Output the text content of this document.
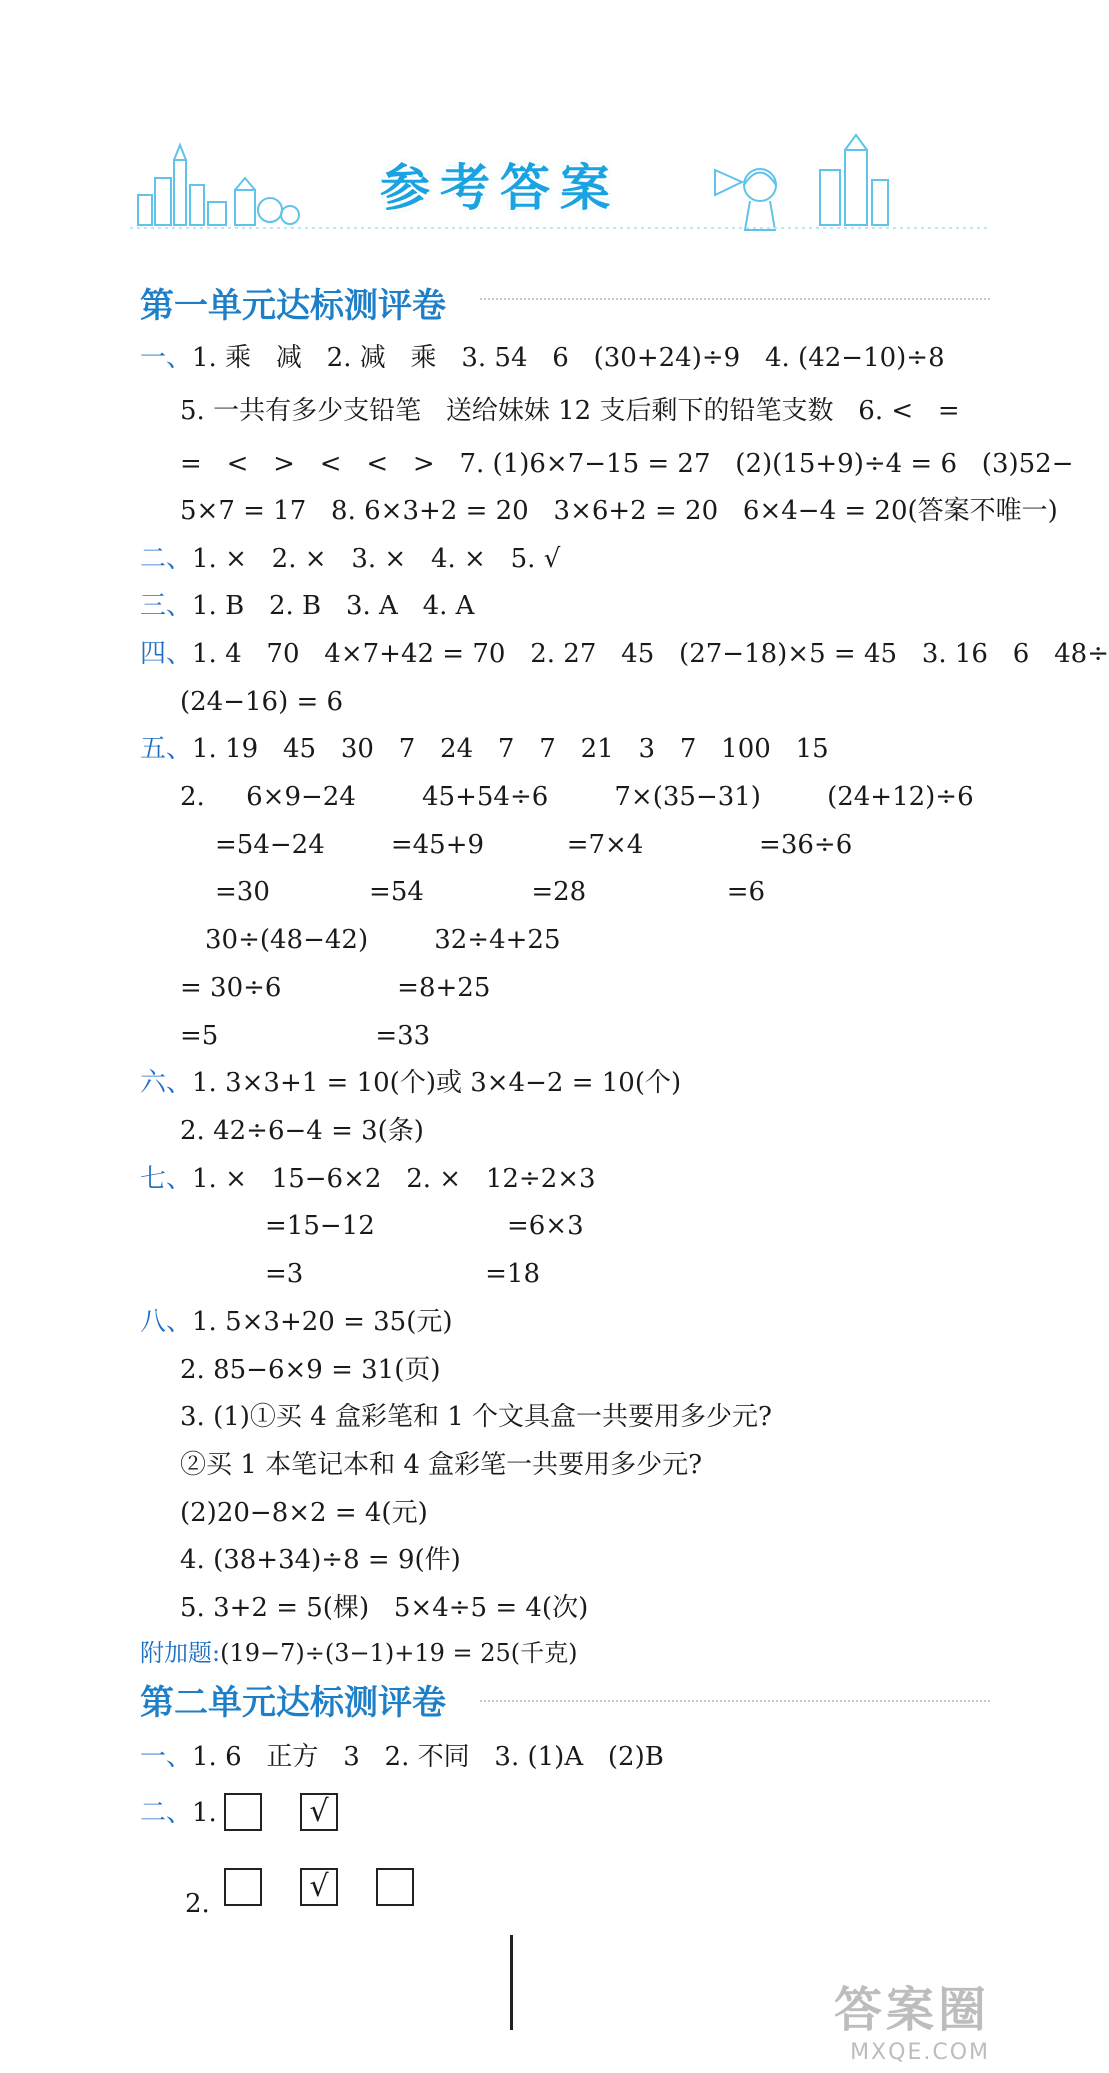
参考答案
第一单元达标测评卷
一、1. 乘   减   2. 减   乘   3. 54   6   (30+24)÷9   4. (42−10)÷8
5. 一共有多少支铅笔   送给妹妹 12 支后剩下的铅笔支数   6. <   =
=   <   >   <   <   >   7. (1)6×7−15 = 27   (2)(15+9)÷4 = 6   (3)52−
5×7 = 17   8. 6×3+2 = 20   3×6+2 = 20   6×4−4 = 20(答案不唯一)
二、1. ×   2. ×   3. ×   4. ×   5. √
三、1. B   2. B   3. A   4. A
四、1. 4   70   4×7+42 = 70   2. 27   45   (27−18)×5 = 45   3. 16   6   48÷
(24−16) = 6
五、1. 19   45   30   7   24   7   7   21   3   7   100   15
2.     6×9−24        45+54÷6        7×(35−31)        (24+12)÷6
=54−24        =45+9          =7×4              =36÷6
=30            =54             =28                 =6
30÷(48−42)        32÷4+25
= 30÷6              =8+25
=5                   =33
六、1. 3×3+1 = 10(个)或 3×4−2 = 10(个)
2. 42÷6−4 = 3(条)
七、1. ×   15−6×2   2. ×   12÷2×3
=15−12                =6×3
=3                      =18
八、1. 5×3+20 = 35(元)
2. 85−6×9 = 31(页)
3. (1)①买 4 盒彩笔和 1 个文具盒一共要用多少元?
②买 1 本笔记本和 4 盒彩笔一共要用多少元?
(2)20−8×2 = 4(元)
4. (38+34)÷8 = 9(件)
5. 3+2 = 5(棵)   5×4÷5 = 4(次)
附加题:(19−7)÷(3−1)+19 = 25(千克)
第二单元达标测评卷
一、1. 6   正方   3   2. 不同   3. (1)A   (2)B
二、1.	√
2.	√
答案圈
MXQE.COM
